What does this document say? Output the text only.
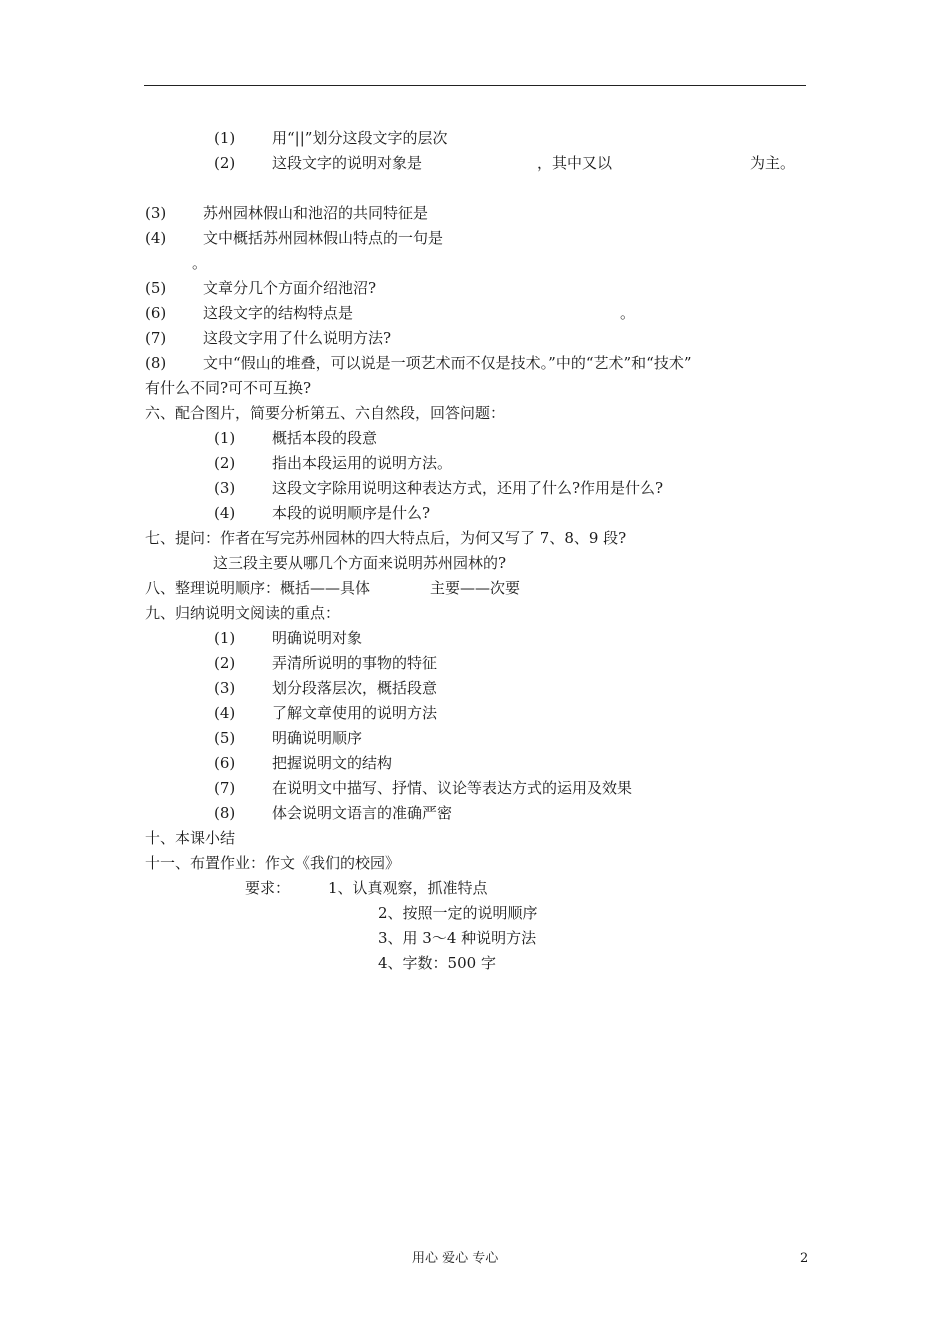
(1) 用“||”划分这段文字的层次
(2) 这段文字的说明对象是	，其中又以	为主。
(3) 苏州园林假山和池沼的共同特征是
(4) 文中概括苏州园林假山特点的一句是
。
(5) 文章分几个方面介绍池沼?
(6) 这段文字的结构特点是	。
(7) 这段文字用了什么说明方法?
(8) 文中“假山的堆叠，可以说是一项艺术而不仅是技术。”中的“艺术”和“技术”
有什么不同?可不可互换?
六、配合图片，简要分析第五、六自然段，回答问题：
(1) 概括本段的段意
(2) 指出本段运用的说明方法。
(3) 这段文字除用说明这种表达方式，还用了什么?作用是什么?
(4) 本段的说明顺序是什么?
七、提问：作者在写完苏州园林的四大特点后，为何又写了 7、8、9 段?
这三段主要从哪几个方面来说明苏州园林的?
八、整理说明顺序：概括——具体	主要——次要
九、归纳说明文阅读的重点：
(1) 明确说明对象
(2) 弄清所说明的事物的特征
(3) 划分段落层次，概括段意
(4) 了解文章使用的说明方法
(5) 明确说明顺序
(6) 把握说明文的结构
(7) 在说明文中描写、抒情、议论等表达方式的运用及效果
(8) 体会说明文语言的准确严密
十、本课小结
十一、布置作业：作文《我们的校园》
要求：	1、认真观察，抓准特点
2、按照一定的说明顺序
3、用 3～4 种说明方法
4、字数：500 字
用心 爱心 专心	2
